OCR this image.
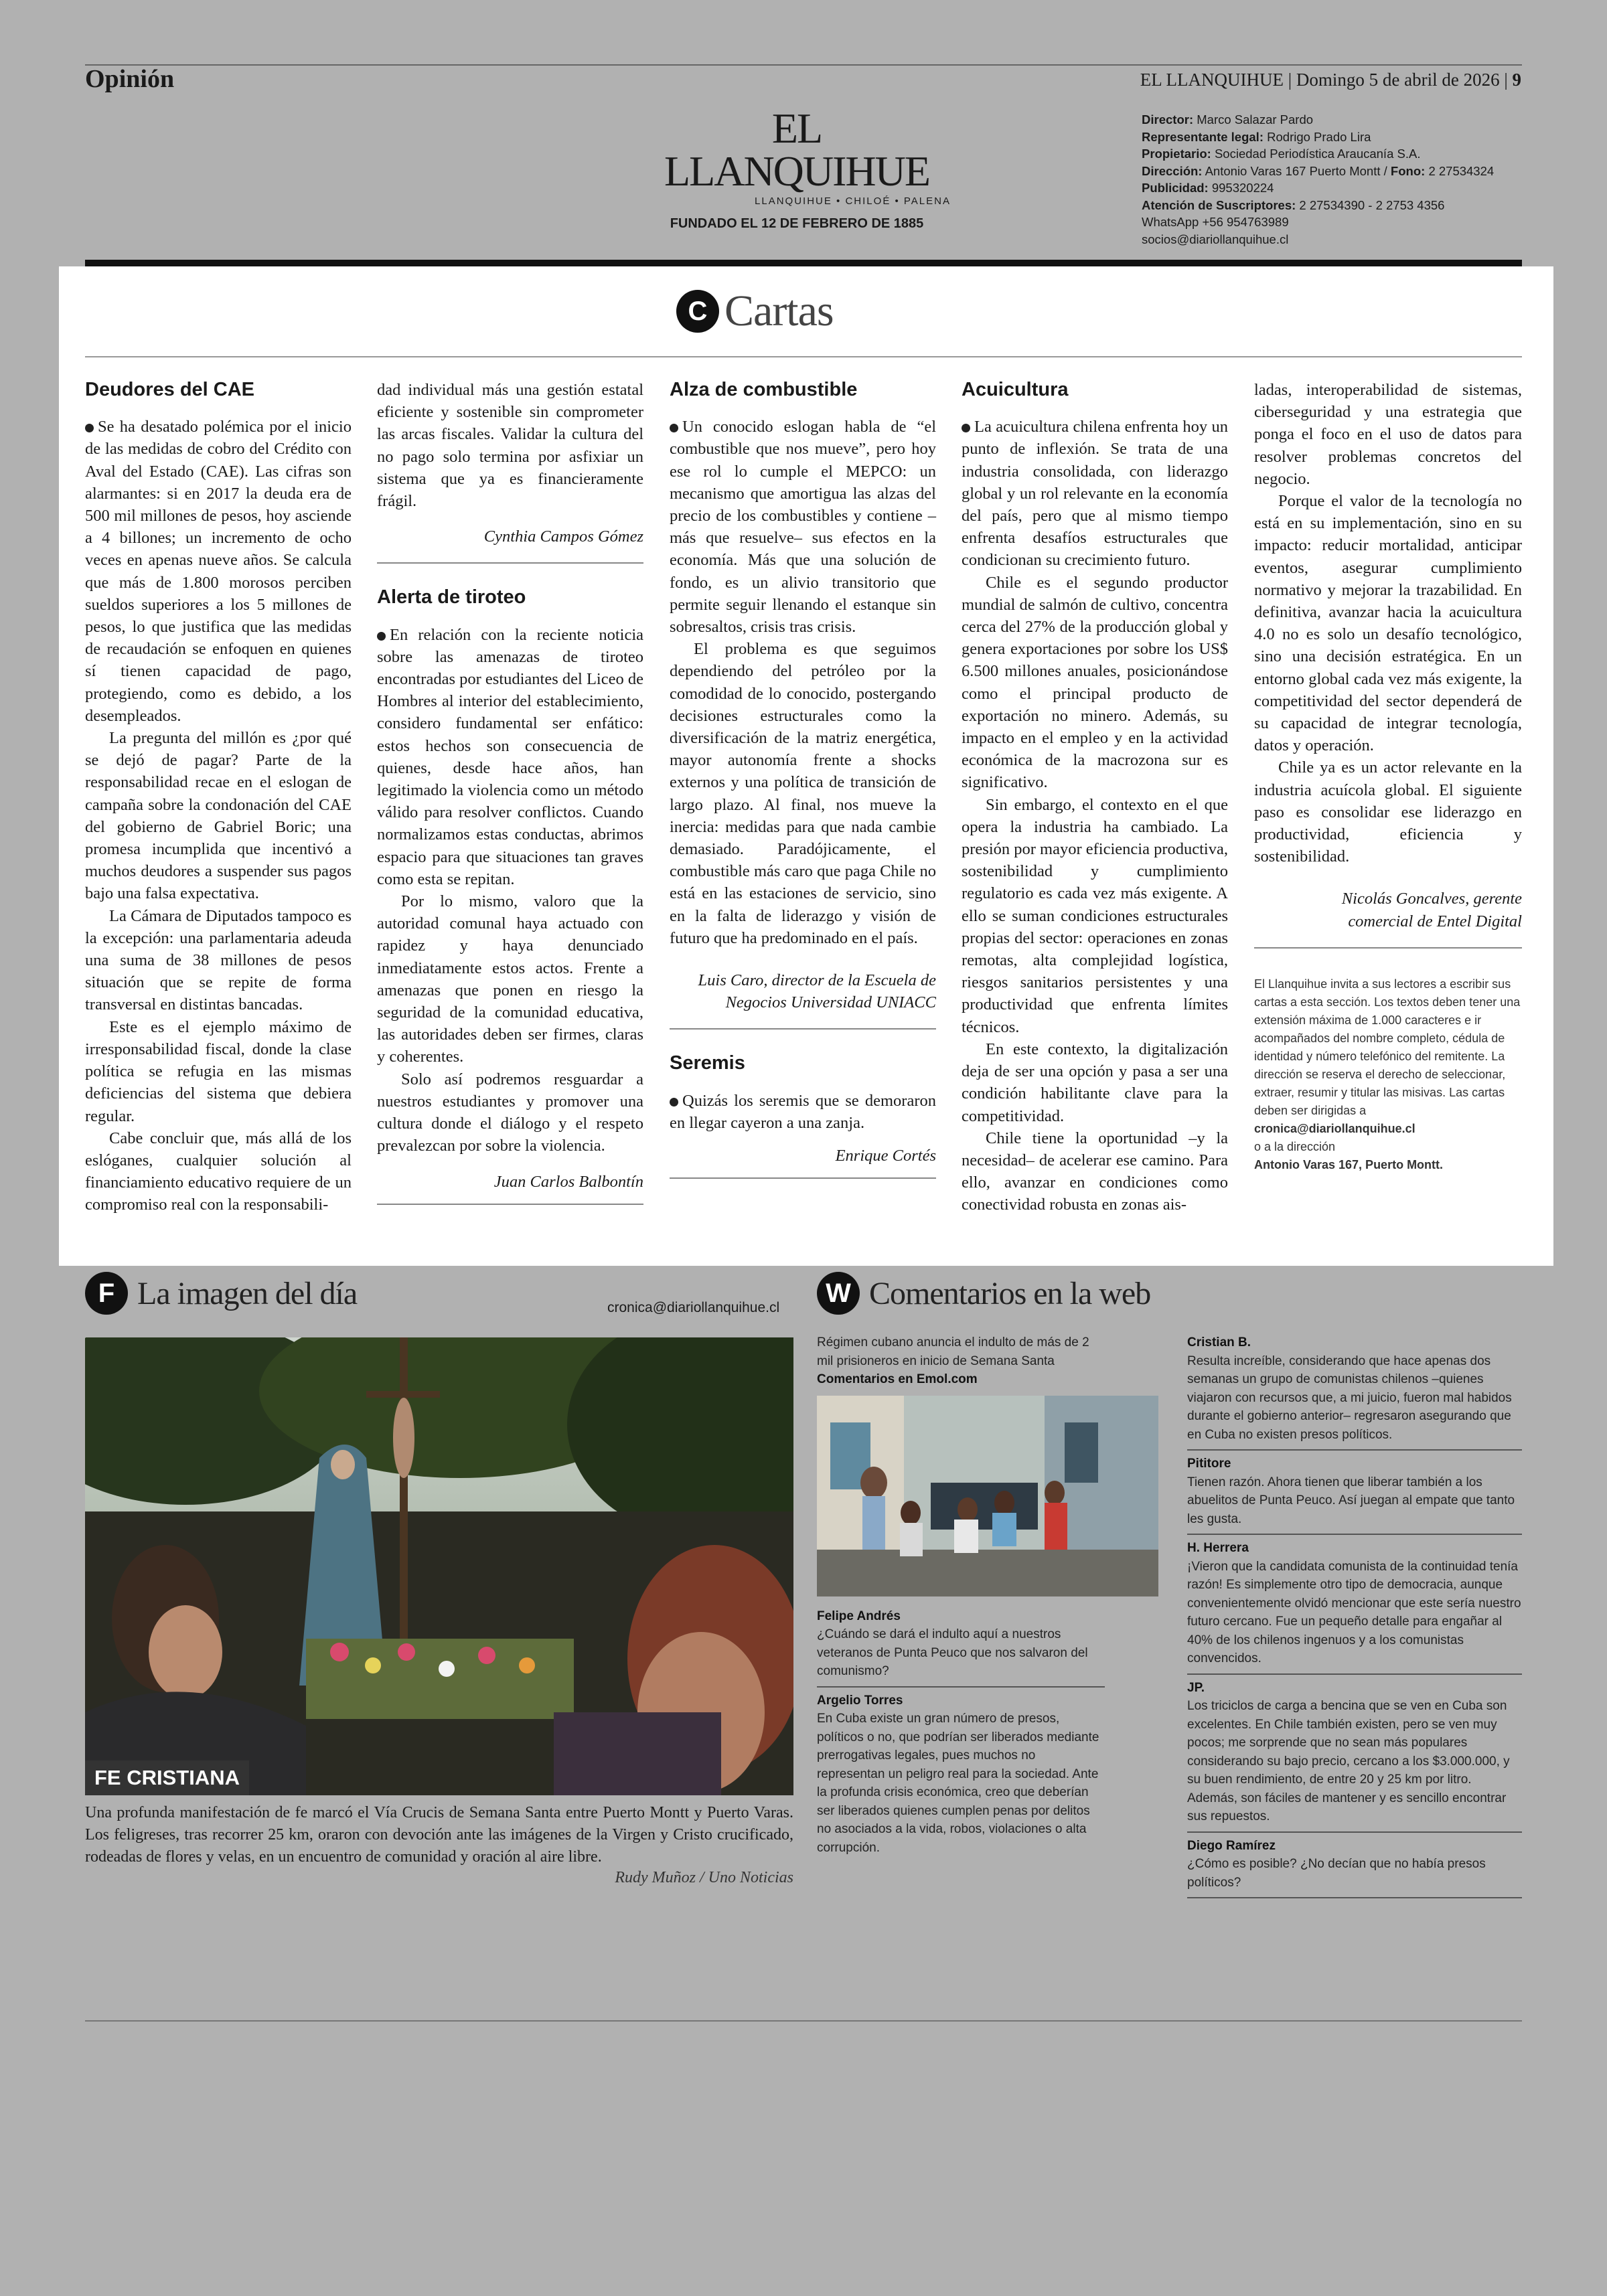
Opinión	EL LLANQUIHUE | Domingo 5 de abril de 2026 | 9
EL LLANQUIHUE
LLANQUIHUE • CHILOÉ • PALENA
FUNDADO EL 12 DE FEBRERO DE 1885
Director: Marco Salazar Pardo
Representante legal: Rodrigo Prado Lira
Propietario: Sociedad Periodística Araucanía S.A.
Dirección: Antonio Varas 167 Puerto Montt / Fono: 2 27534324
Publicidad: 995320224
Atención de Suscriptores: 2 27534390 - 2 2753 4356
WhatsApp +56 954763989
socios@diariollanquihue.cl
C Cartas
Deudores del CAE

Se ha desatado polémica por el inicio de las medidas de cobro del Crédito con Aval del Estado (CAE). Las cifras son alarmantes: si en 2017 la deuda era de 500 mil millones de pesos, hoy asciende a 4 billones; un incremento de ocho veces en apenas nueve años. Se calcula que más de 1.800 morosos perciben sueldos superiores a los 5 millones de pesos, lo que justifica que las medidas de recaudación se enfoquen en quienes sí tienen capacidad de pago, protegiendo, como es debido, a los desempleados.

La pregunta del millón es ¿por qué se dejó de pagar? Parte de la responsabilidad recae en el eslogan de campaña sobre la condonación del CAE del gobierno de Gabriel Boric; una promesa incumplida que incentivó a muchos deudores a suspender sus pagos bajo una falsa expectativa.

La Cámara de Diputados tampoco es la excepción: una parlamentaria adeuda una suma de 38 millones de pesos situación que se repite de forma transversal en distintas bancadas.

Este es el ejemplo máximo de irresponsabilidad fiscal, donde la clase política se refugia en las mismas deficiencias del sistema que debiera regular.

Cabe concluir que, más allá de los eslóganes, cualquier solución al financiamiento educativo requiere de un compromiso real con la responsabili-

dad individual más una gestión estatal eficiente y sostenible sin comprometer las arcas fiscales. Validar la cultura del no pago solo termina por asfixiar un sistema que ya es financieramente frágil.

Cynthia Campos Gómez

Alerta de tiroteo

En relación con la reciente noticia sobre las amenazas de tiroteo encontradas por estudiantes del Liceo de Hombres al interior del establecimiento, considero fundamental ser enfático: estos hechos son consecuencia de quienes, desde hace años, han legitimado la violencia como un método válido para resolver conflictos. Cuando normalizamos estas conductas, abrimos espacio para que situaciones tan graves como esta se repitan.

Por lo mismo, valoro que la autoridad comunal haya actuado con rapidez y haya denunciado inmediatamente estos actos. Frente a amenazas que ponen en riesgo la seguridad de la comunidad educativa, las autoridades deben ser firmes, claras y coherentes.

Solo así podremos resguardar a nuestros estudiantes y promover una cultura donde el diálogo y el respeto prevalezcan por sobre la violencia.

Juan Carlos Balbontín

Alza de combustible

Un conocido eslogan habla de “el combustible que nos mueve”, pero hoy ese rol lo cumple el MEPCO: un mecanismo que amortigua las alzas del precio de los combustibles y contiene –más que resuelve– sus efectos en la economía. Más que una solución de fondo, es un alivio transitorio que permite seguir llenando el estanque sin sobresaltos, crisis tras crisis.

El problema es que seguimos dependiendo del petróleo por la comodidad de lo conocido, postergando decisiones estructurales como la diversificación de la matriz energética, mayor autonomía frente a shocks externos y una política de transición de largo plazo. Al final, nos mueve la inercia: medidas para que nada cambie demasiado. Paradójicamente, el combustible más caro que paga Chile no está en las estaciones de servicio, sino en la falta de liderazgo y visión de futuro que ha predominado en el país.

Luis Caro, director de la Escuela de
Negocios Universidad UNIACC

Seremis

Quizás los seremis que se demoraron en llegar cayeron a una zanja.

Enrique Cortés

Acuicultura

La acuicultura chilena enfrenta hoy un punto de inflexión. Se trata de una industria consolidada, con liderazgo global y un rol relevante en la economía del país, pero que al mismo tiempo enfrenta desafíos estructurales que condicionan su crecimiento futuro.

Chile es el segundo productor mundial de salmón de cultivo, concentra cerca del 27% de la producción global y genera exportaciones por sobre los US$ 6.500 millones anuales, posicionándose como el principal producto de exportación no minero. Además, su impacto en el empleo y en la actividad económica de la macrozona sur es significativo.

Sin embargo, el contexto en el que opera la industria ha cambiado. La presión por mayor eficiencia productiva, sostenibilidad y cumplimiento regulatorio es cada vez más exigente. A ello se suman condiciones estructurales propias del sector: operaciones en zonas remotas, alta complejidad logística, riesgos sanitarios persistentes y una productividad que enfrenta límites técnicos.

En este contexto, la digitalización deja de ser una opción y pasa a ser una condición habilitante clave para la competitividad.

Chile tiene la oportunidad –y la necesidad– de acelerar ese camino. Para ello, avanzar en condiciones como conectividad robusta en zonas ais-

ladas, interoperabilidad de sistemas, ciberseguridad y una estrategia que ponga el foco en el uso de datos para resolver problemas concretos del negocio.

Porque el valor de la tecnología no está en su implementación, sino en su impacto: reducir mortalidad, anticipar eventos, asegurar cumplimiento normativo y mejorar la trazabilidad. En definitiva, avanzar hacia la acuicultura 4.0 no es solo un desafío tecnológico, sino una decisión estratégica. En un entorno global cada vez más exigente, la competitividad del sector dependerá de su capacidad de integrar tecnología, datos y operación.

Chile ya es un actor relevante en la industria acuícola global. El siguiente paso es consolidar ese liderazgo en productividad, eficiencia y sostenibilidad.

Nicolás Goncalves, gerente
comercial de Entel Digital

El Llanquihue invita a sus lectores a escribir sus cartas a esta sección. Los textos deben tener una extensión máxima de 1.000 caracteres e ir acompañados del nombre completo, cédula de identidad y número telefónico del remitente. La dirección se reserva el derecho de seleccionar, extraer, resumir y titular las misivas. Las cartas deben ser dirigidas a
cronica@diariollanquihue.cl
o a la dirección
Antonio Varas 167, Puerto Montt.
F La imagen del día	cronica@diariollanquihue.cl
FE CRISTIANA
Una profunda manifestación de fe marcó el Vía Crucis de Semana Santa entre Puerto Montt y Puerto Varas. Los feligreses, tras recorrer 25 km, oraron con devoción ante las imágenes de la Virgen y Cristo crucificado, rodeadas de flores y velas, en un encuentro de comunidad y oración al aire libre.
Rudy Muñoz / Uno Noticias
W Comentarios en la web
Régimen cubano anuncia el indulto de más de 2 mil prisioneros en inicio de Semana Santa
Comentarios en Emol.com
Felipe Andrés
¿Cuándo se dará el indulto aquí a nuestros veteranos de Punta Peuco que nos salvaron del comunismo?
Argelio Torres
En Cuba existe un gran número de presos, políticos o no, que podrían ser liberados mediante prerrogativas legales, pues muchos no representan un peligro real para la sociedad. Ante la profunda crisis económica, creo que deberían ser liberados quienes cumplen penas por delitos no asociados a la vida, robos, violaciones o alta corrupción.
Cristian B.
Resulta increíble, considerando que hace apenas dos semanas un grupo de comunistas chilenos –quienes viajaron con recursos que, a mi juicio, fueron mal habidos durante el gobierno anterior– regresaron asegurando que en Cuba no existen presos políticos.
Pititore
Tienen razón. Ahora tienen que liberar también a los abuelitos de Punta Peuco. Así juegan al empate que tanto les gusta.
H. Herrera
¡Vieron que la candidata comunista de la continuidad tenía razón! Es simplemente otro tipo de democracia, aunque convenientemente olvidó mencionar que este sería nuestro futuro cercano. Fue un pequeño detalle para engañar al 40% de los chilenos ingenuos y a los comunistas convencidos.
JP.
Los triciclos de carga a bencina que se ven en Cuba son excelentes. En Chile también existen, pero se ven muy pocos; me sorprende que no sean más populares considerando su bajo precio, cercano a los $3.000.000, y su buen rendimiento, de entre 20 y 25 km por litro. Además, son fáciles de mantener y es sencillo encontrar sus repuestos.
Diego Ramírez
¿Cómo es posible? ¿No decían que no había presos políticos?
